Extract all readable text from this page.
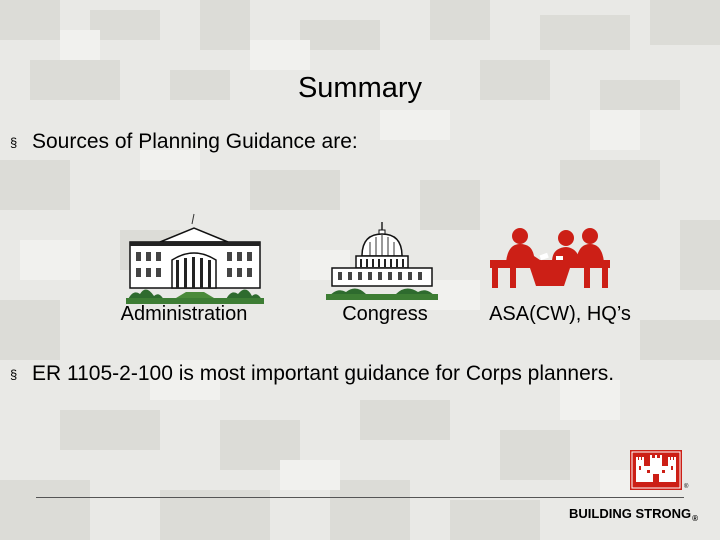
Summary
§ Sources of Planning Guidance are:
Administration	Congress	ASA(CW), HQ’s
§ ER 1105-2-100 is most important guidance for Corps planners.
®
BUILDING $STRONG_®$
